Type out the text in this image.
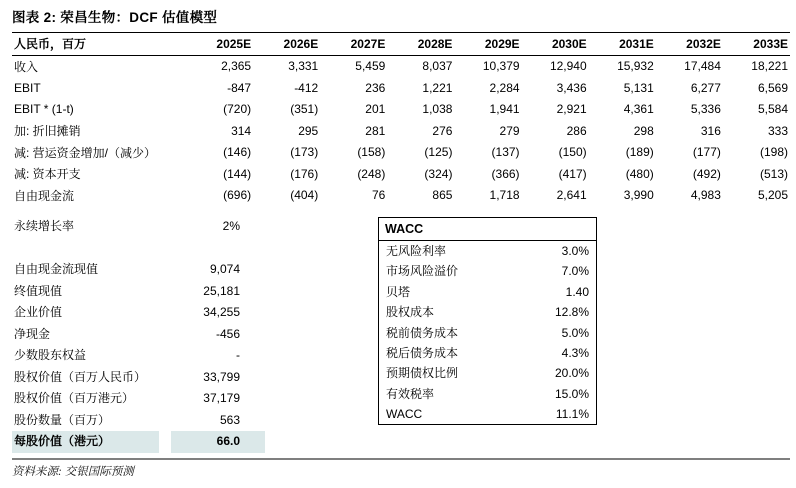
图表 2: 荣昌生物：DCF 估值模型
人民币，百万	2025E	2026E	2027E	2028E	2029E	2030E	2031E	2032E	2033E
收入	2,365	3,331	5,459	8,037	10,379	12,940	15,932	17,484	18,221
EBIT	-847	-412	236	1,221	2,284	3,436	5,131	6,277	6,569
EBIT * (1-t)	(720)	(351)	201	1,038	1,941	2,921	4,361	5,336	5,584
加: 折旧摊销	314	295	281	276	279	286	298	316	333
减: 营运资金增加/（减少）	(146)	(173)	(158)	(125)	(137)	(150)	(189)	(177)	(198)
减: 资本开支	(144)	(176)	(248)	(324)	(366)	(417)	(480)	(492)	(513)
自由现金流	(696)	(404)	76	865	1,718	2,641	3,990	4,983	5,205
永续增长率	2%
自由现金流现值	9,074
终值现值	25,181
企业价值	34,255
净现金	-456
少数股东权益	-
股权价值（百万人民币）	33,799
股权价值（百万港元）	37,179
股份数量（百万）	563
每股价值（港元）	66.0
WACC
无风险利率	3.0%
市场风险溢价	7.0%
贝塔	1.40
股权成本	12.8%
税前债务成本	5.0%
税后债务成本	4.3%
预期债权比例	20.0%
有效税率	15.0%
WACC	11.1%
资料来源: 交银国际预测
